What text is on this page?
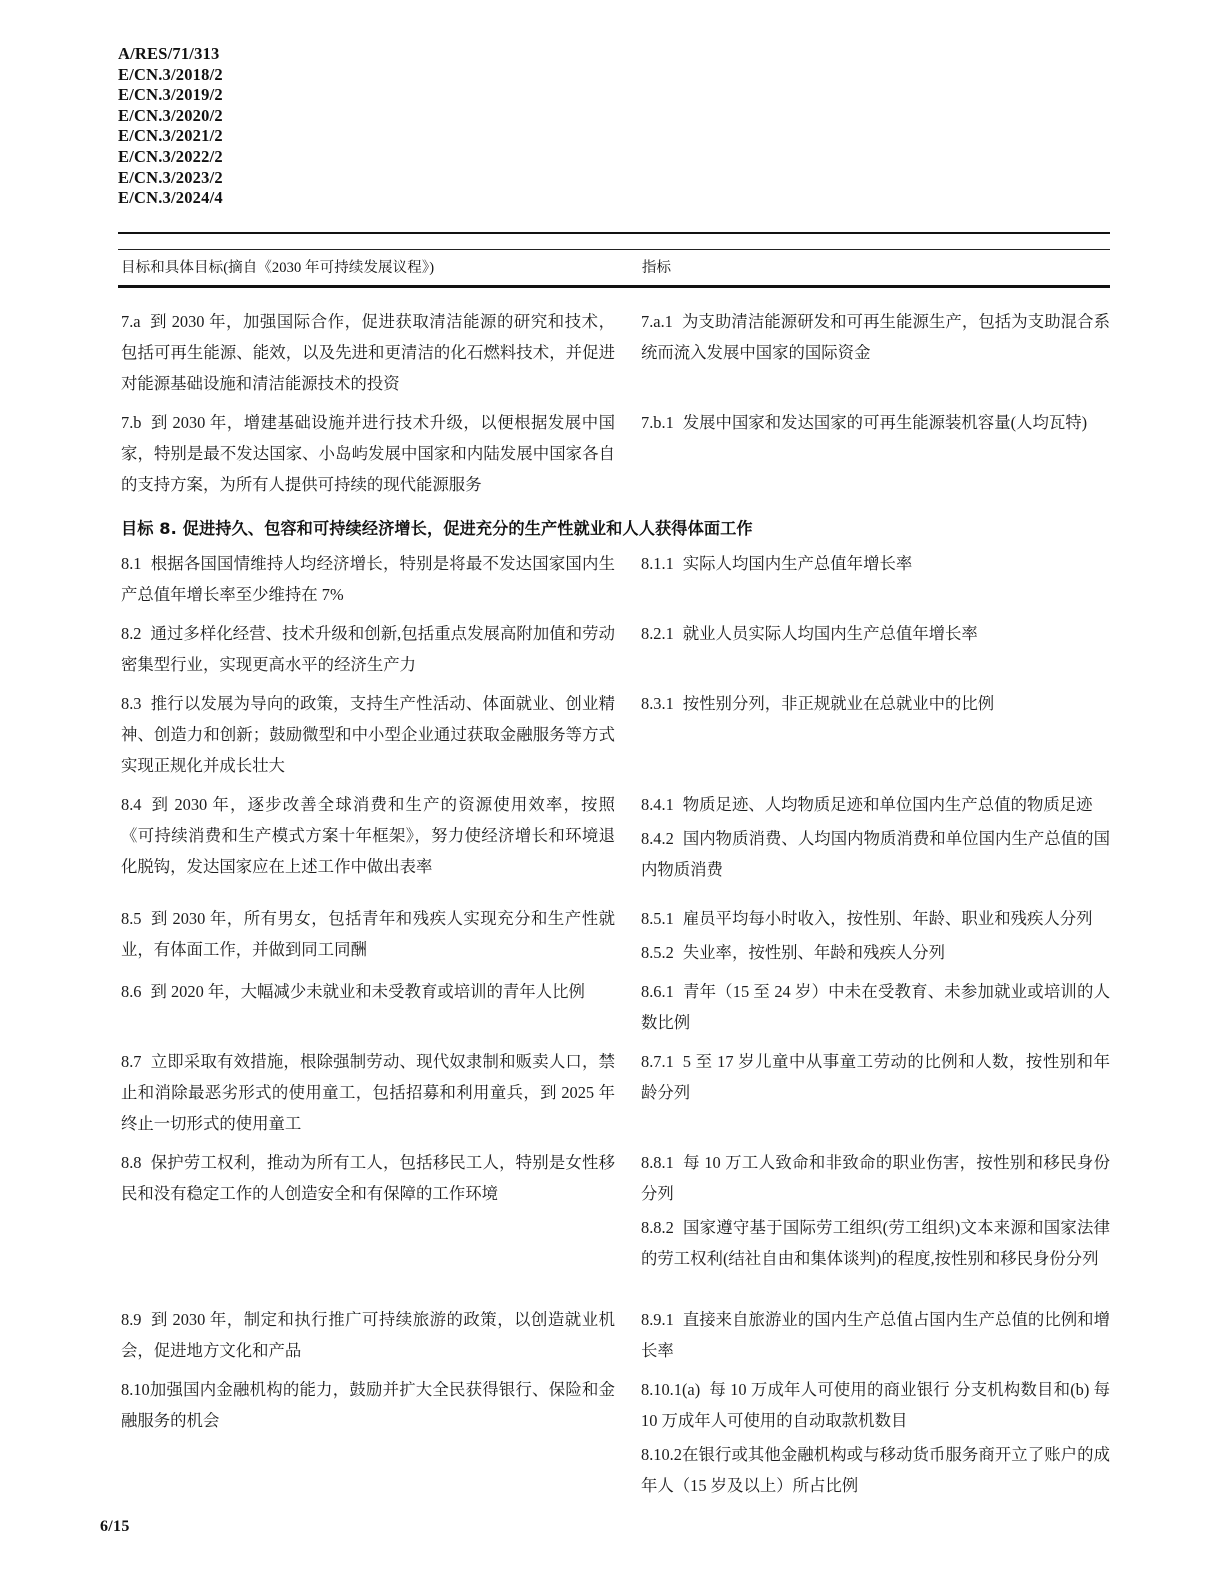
A/RES/71/313
E/CN.3/2018/2
E/CN.3/2019/2
E/CN.3/2020/2
E/CN.3/2021/2
E/CN.3/2022/2
E/CN.3/2023/2
E/CN.3/2024/4
目标和具体目标(摘自《2030 年可持续发展议程》)	指标

7.a 到 2030 年，加强国际合作，促进获取清洁能源的研究和技术，包括可再生能源、能效，以及先进和更清洁的化石燃料技术，并促进对能源基础设施和清洁能源技术的投资

7.a.1 为支助清洁能源研发和可再生能源生产，包括为支助混合系统而流入发展中国家的国际资金

7.b 到 2030 年，增建基础设施并进行技术升级，以便根据发展中国家，特别是最不发达国家、小岛屿发展中国家和内陆发展中国家各自的支持方案，为所有人提供可持续的现代能源服务

7.b.1 发展中国家和发达国家的可再生能源装机容量(人均瓦特)

目标 8. 促进持久、包容和可持续经济增长，促进充分的生产性就业和人人获得体面工作

8.1 根据各国国情维持人均经济增长，特别是将最不发达国家国内生产总值年增长率至少维持在 7%

8.1.1 实际人均国内生产总值年增长率

8.2 通过多样化经营、技术升级和创新,包括重点发展高附加值和劳动密集型行业，实现更高水平的经济生产力

8.2.1 就业人员实际人均国内生产总值年增长率

8.3 推行以发展为导向的政策，支持生产性活动、体面就业、创业精神、创造力和创新；鼓励微型和中小型企业通过获取金融服务等方式实现正规化并成长壮大

8.3.1 按性别分列，非正规就业在总就业中的比例

8.4 到 2030 年，逐步改善全球消费和生产的资源使用效率，按照《可持续消费和生产模式方案十年框架》，努力使经济增长和环境退化脱钩，发达国家应在上述工作中做出表率

8.4.1 物质足迹、人均物质足迹和单位国内生产总值的物质足迹

8.4.2 国内物质消费、人均国内物质消费和单位国内生产总值的国内物质消费

8.5 到 2030 年，所有男女，包括青年和残疾人实现充分和生产性就业，有体面工作，并做到同工同酬

8.5.1 雇员平均每小时收入，按性别、年龄、职业和残疾人分列

8.5.2 失业率，按性别、年龄和残疾人分列

8.6 到 2020 年，大幅减少未就业和未受教育或培训的青年人比例	8.6.1 青年（15 至 24 岁）中未在受教育、未参加就业或培训的人数比例

8.7 立即采取有效措施，根除强制劳动、现代奴隶制和贩卖人口，禁止和消除最恶劣形式的使用童工，包括招募和利用童兵，到 2025 年终止一切形式的使用童工

8.7.1 5 至 17 岁儿童中从事童工劳动的比例和人数，按性别和年龄分列

8.8 保护劳工权利，推动为所有工人，包括移民工人，特别是女性移民和没有稳定工作的人创造安全和有保障的工作环境

8.8.1 每 10 万工人致命和非致命的职业伤害，按性别和移民身份分列

8.8.2 国家遵守基于国际劳工组织(劳工组织)文本来源和国家法律的劳工权利(结社自由和集体谈判)的程度,按性别和移民身份分列

8.9 到 2030 年，制定和执行推广可持续旅游的政策，以创造就业机会，促进地方文化和产品

8.9.1 直接来自旅游业的国内生产总值占国内生产总值的比例和增长率

8.10加强国内金融机构的能力，鼓励并扩大全民获得银行、保险和金融服务的机会

8.10.1(a) 每 10 万成年人可使用的商业银行 分支机构数目和(b) 每 10 万成年人可使用的自动取款机数目

8.10.2在银行或其他金融机构或与移动货币服务商开立了账户的成年人（15 岁及以上）所占比例

6/15
